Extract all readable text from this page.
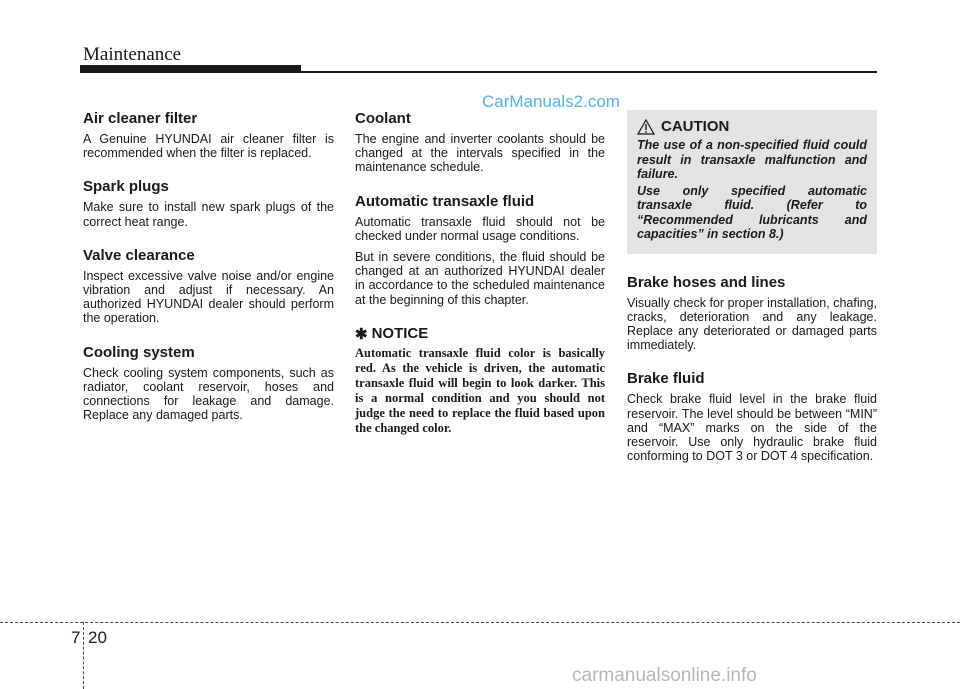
Maintenance
CarManuals2.com
Air cleaner filter

A Genuine HYUNDAI air cleaner filter is recommended when the filter is replaced.

Spark plugs

Make sure to install new spark plugs of the correct heat range.

Valve clearance

Inspect excessive valve noise and/or engine vibration and adjust if necessary. An authorized HYUNDAI dealer should perform the operation.

Cooling system

Check cooling system components, such as radiator, coolant reservoir, hoses and connections for leakage and damage. Replace any damaged parts.

Coolant

The engine and inverter coolants should be changed at the intervals specified in the maintenance schedule.

Automatic transaxle fluid

Automatic transaxle fluid should not be checked under normal usage conditions.

But in severe conditions, the fluid should be changed at an authorized HYUNDAI dealer in accordance to the scheduled maintenance at the beginning of this chapter.

✱ NOTICE

Automatic transaxle fluid color is basically red. As the vehicle is driven, the automatic transaxle fluid will begin to look darker. This is a normal condition and you should not judge the need to replace the fluid based upon the changed color.

CAUTION

The use of a non-specified fluid could result in transaxle malfunction and failure.

Use only specified automatic transaxle fluid. (Refer to “Recommended lubricants and capacities” in section 8.)

Brake hoses and lines

Visually check for proper installation, chafing, cracks, deterioration and any leakage. Replace any deteriorated or damaged parts immediately.

Brake fluid

Check brake fluid level in the brake fluid reservoir. The level should be between “MIN” and “MAX” marks on the side of the reservoir. Use only hydraulic brake fluid conforming to DOT 3 or DOT 4 specification.

7 20
carmanualsonline.info
